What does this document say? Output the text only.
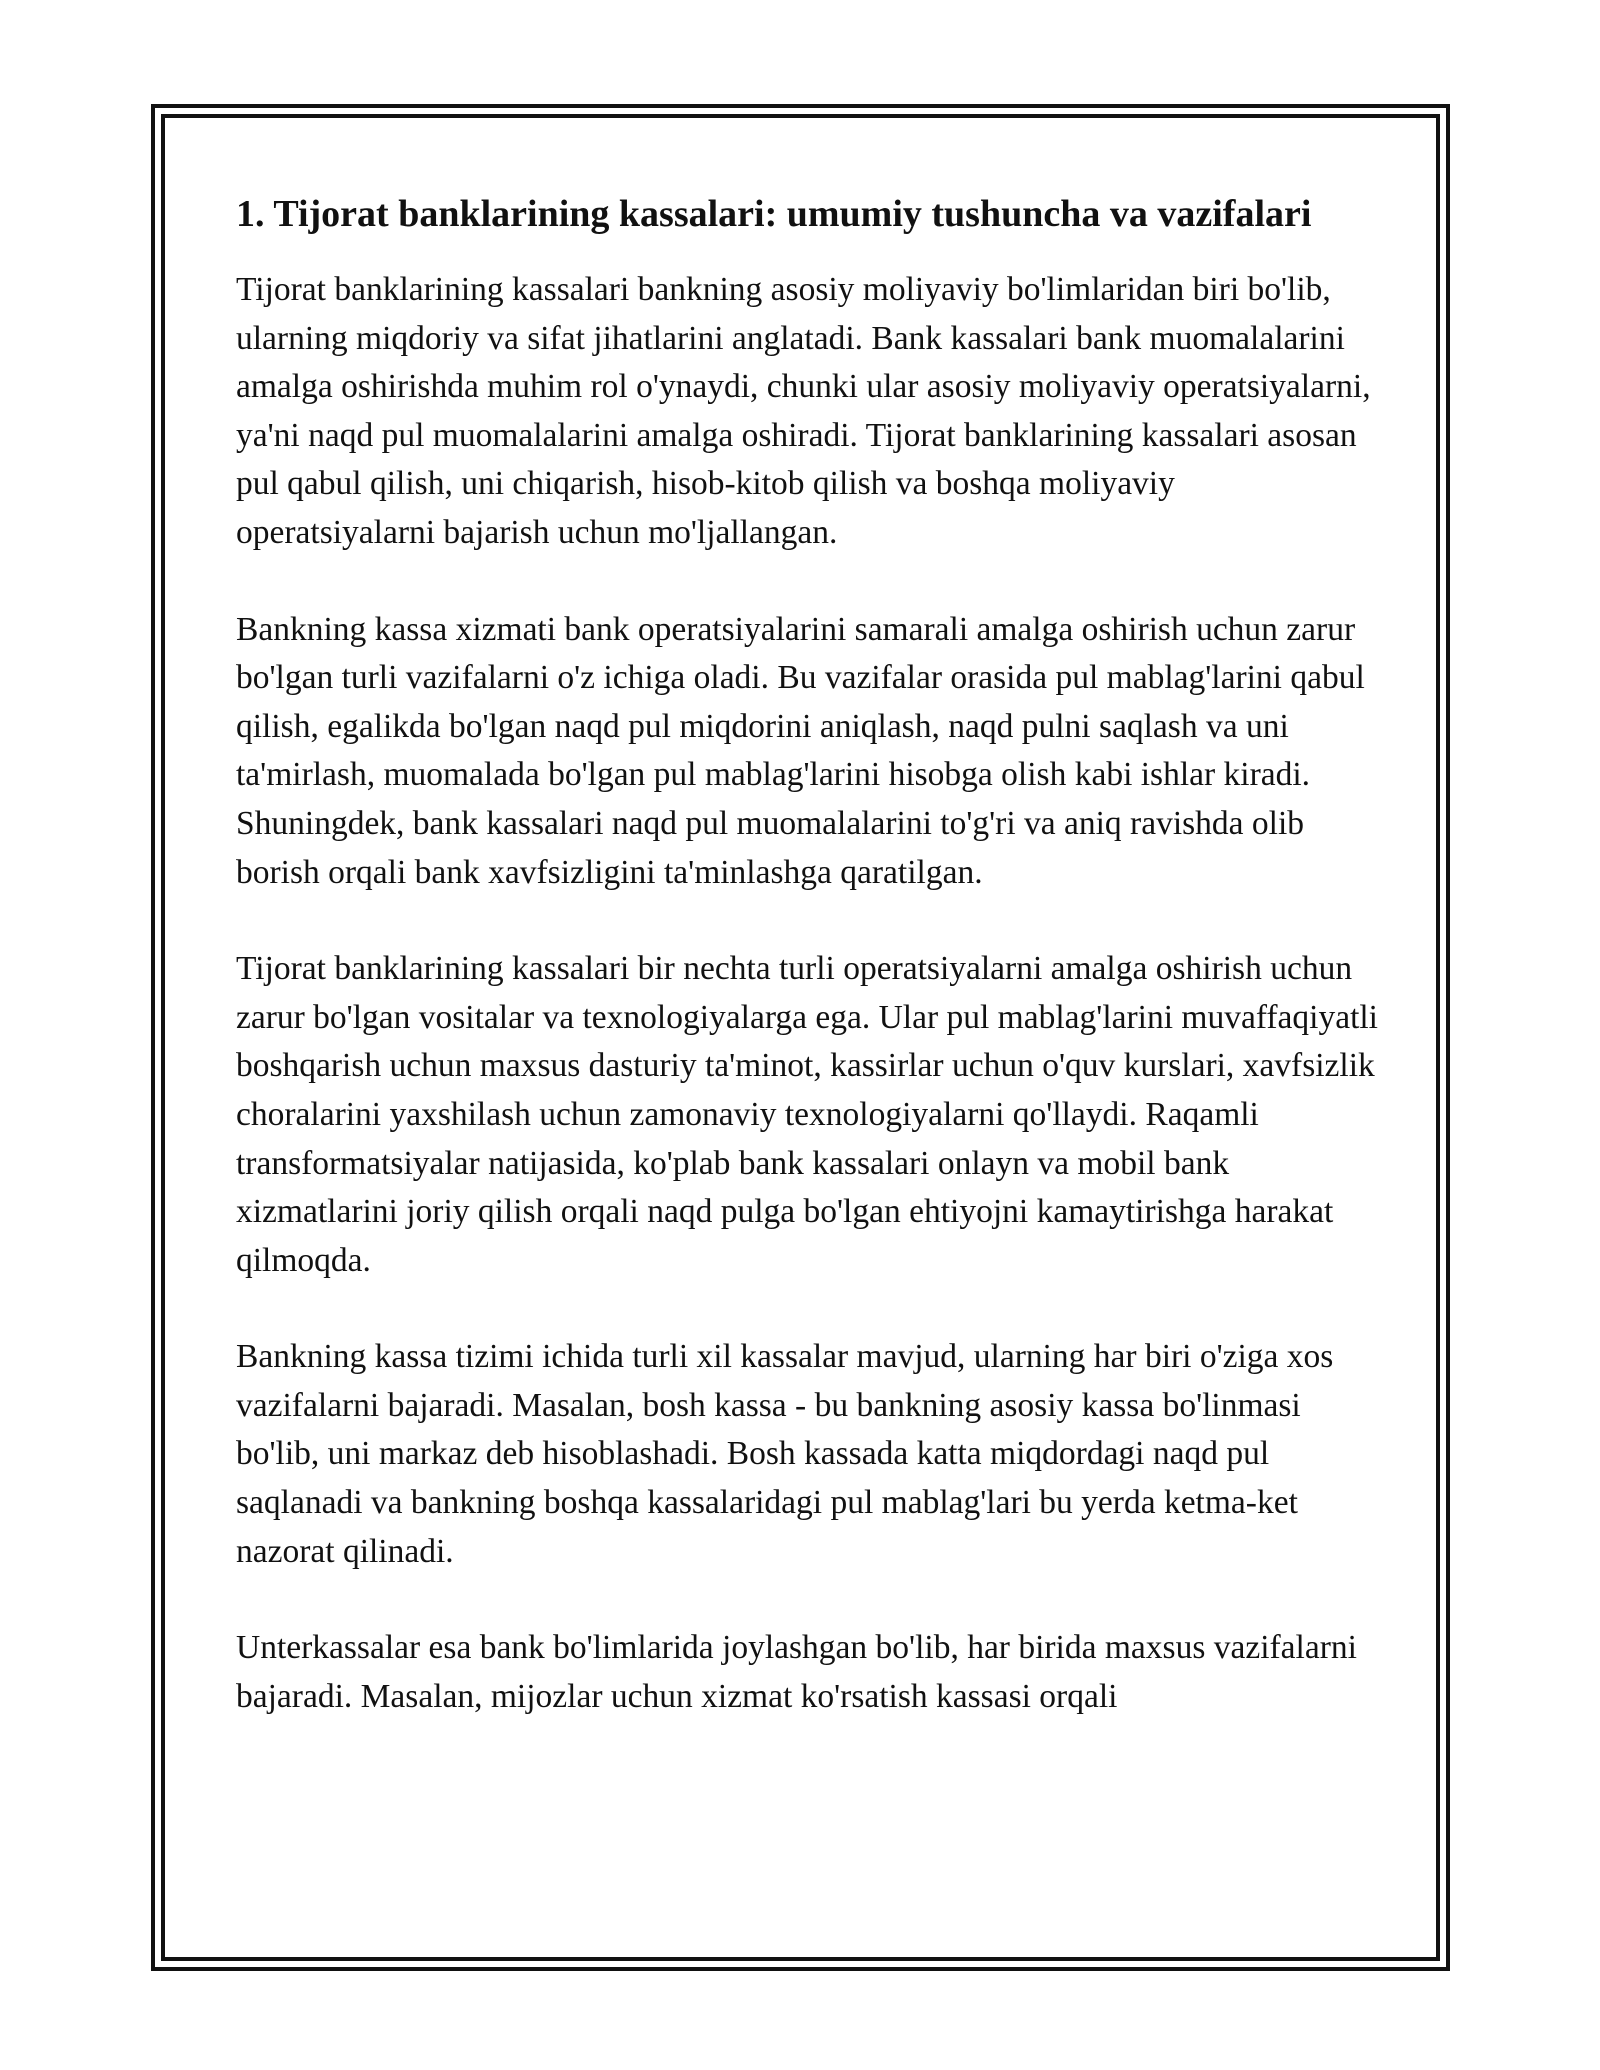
1. Tijorat banklarining kassalari: umumiy tushuncha va vazifalari

Tijorat banklarining kassalari bankning asosiy moliyaviy bo'limlaridan biri bo'lib, ularning miqdoriy va sifat jihatlarini anglatadi. Bank kassalari bank muomalalarini amalga oshirishda muhim rol o'ynaydi, chunki ular asosiy moliyaviy operatsiyalarni, ya'ni naqd pul muomalalarini amalga oshiradi. Tijorat banklarining kassalari asosan pul qabul qilish, uni chiqarish, hisob-kitob qilish va boshqa moliyaviy operatsiyalarni bajarish uchun mo'ljallangan.

Bankning kassa xizmati bank operatsiyalarini samarali amalga oshirish uchun zarur bo'lgan turli vazifalarni o'z ichiga oladi. Bu vazifalar orasida pul mablag'larini qabul qilish, egalikda bo'lgan naqd pul miqdorini aniqlash, naqd pulni saqlash va uni ta'mirlash, muomalada bo'lgan pul mablag'larini hisobga olish kabi ishlar kiradi. Shuningdek, bank kassalari naqd pul muomalalarini to'g'ri va aniq ravishda olib borish orqali bank xavfsizligini ta'minlashga qaratilgan.

Tijorat banklarining kassalari bir nechta turli operatsiyalarni amalga oshirish uchun zarur bo'lgan vositalar va texnologiyalarga ega. Ular pul mablag'larini muvaffaqiyatli boshqarish uchun maxsus dasturiy ta'minot, kassirlar uchun o'quv kurslari, xavfsizlik choralarini yaxshilash uchun zamonaviy texnologiyalarni qo'llaydi. Raqamli transformatsiyalar natijasida, ko'plab bank kassalari onlayn va mobil bank xizmatlarini joriy qilish orqali naqd pulga bo'lgan ehtiyojni kamaytirishga harakat qilmoqda.

Bankning kassa tizimi ichida turli xil kassalar mavjud, ularning har biri o'ziga xos vazifalarni bajaradi. Masalan, bosh kassa - bu bankning asosiy kassa bo'linmasi bo'lib, uni markaz deb hisoblashadi. Bosh kassada katta miqdordagi naqd pul saqlanadi va bankning boshqa kassalaridagi pul mablag'lari bu yerda ketma-ket nazorat qilinadi.

Unterkassalar esa bank bo'limlarida joylashgan bo'lib, har birida maxsus vazifalarni bajaradi. Masalan, mijozlar uchun xizmat ko'rsatish kassasi orqali
